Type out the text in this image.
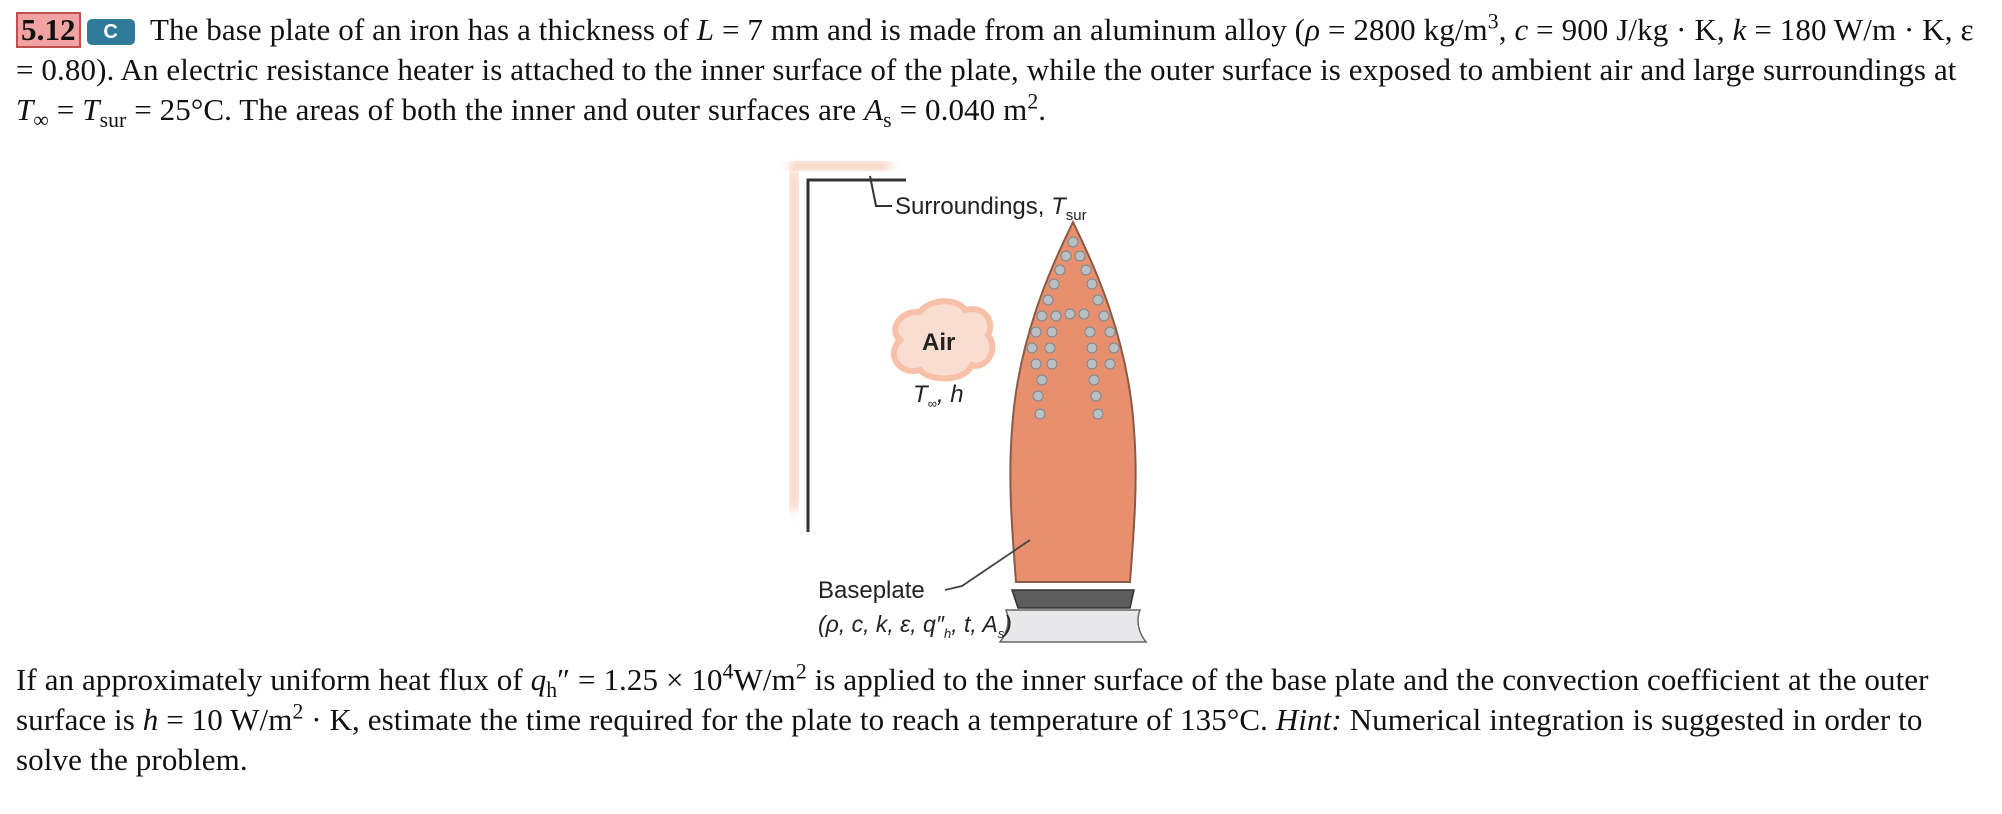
5.12 C The base plate of an iron has a thickness of L = 7 mm and is made from an aluminum alloy (ρ = 2800 $kg/m^3$, c = 900 J/kg · K, k = 180 W/m · K, ε = 0.80). An electric resistance heater is attached to the inner surface of the plate, while the outer surface is exposed to ambient air and large surroundings at $T_\infty = T_{sur} = 25^\circ C$. The areas of both the inner and outer surfaces are $A_s = 0.040$ $m^2$.
Surroundings, $T_{sur}$
Air
$T_\infty$, h
Baseplate
(ρ, c, k, ε, $q''_h$, t, $A_s$)
If an approximately uniform heat flux of $q_h'' = 1.25 \times 10^4W/m^2$ is applied to the inner surface of the base plate and the convection coefficient at the outer surface is h = 10 $W/m^2 \cdot K$, estimate the time required for the plate to reach a temperature of 135°C. Hint: Numerical integration is suggested in order to solve the problem.
